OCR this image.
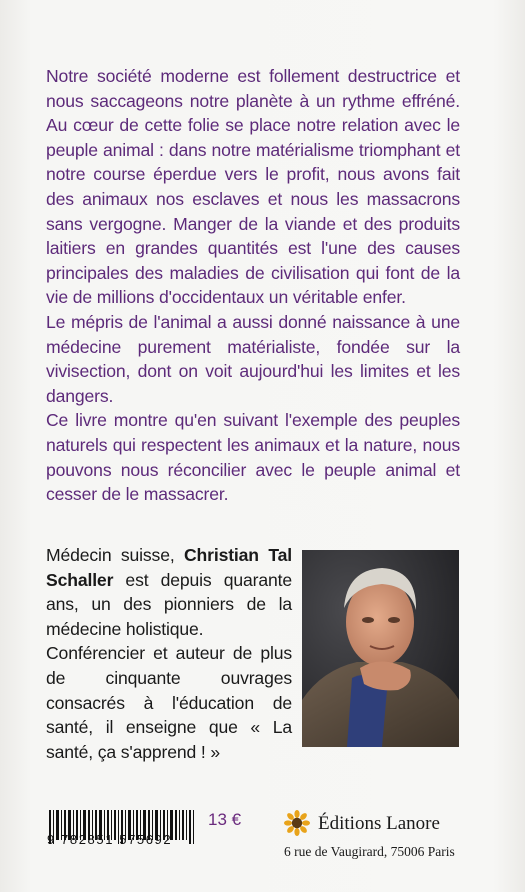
Notre société moderne est follement destructrice et nous saccageons notre planète à un rythme effréné. Au cœur de cette folie se place notre relation avec le peuple animal : dans notre matérialisme triomphant et notre course éperdue vers le profit, nous avons fait des animaux nos esclaves et nous les massacrons sans vergogne. Manger de la viande et des produits laitiers en grandes quantités est l'une des causes principales des maladies de civilisation qui font de la vie de millions d'occidentaux un véritable enfer.

Le mépris de l'animal a aussi donné naissance à une médecine purement matérialiste, fondée sur la vivisection, dont on voit aujourd'hui les limites et les dangers.

Ce livre montre qu'en suivant l'exemple des peuples naturels qui respectent les animaux et la nature, nous pouvons nous réconcilier avec le peuple animal et cesser de le massacrer.

Médecin suisse, Christian Tal Schaller est depuis quarante ans, un des pionniers de la médecine holistique.

Conférencier et auteur de plus de cinquante ouvrages consacrés à l'éducation de santé, il enseigne que « La santé, ça s'apprend ! »

9 782851 575692
13 €	Éditions Lanore
6 rue de Vaugirard, 75006 Paris
